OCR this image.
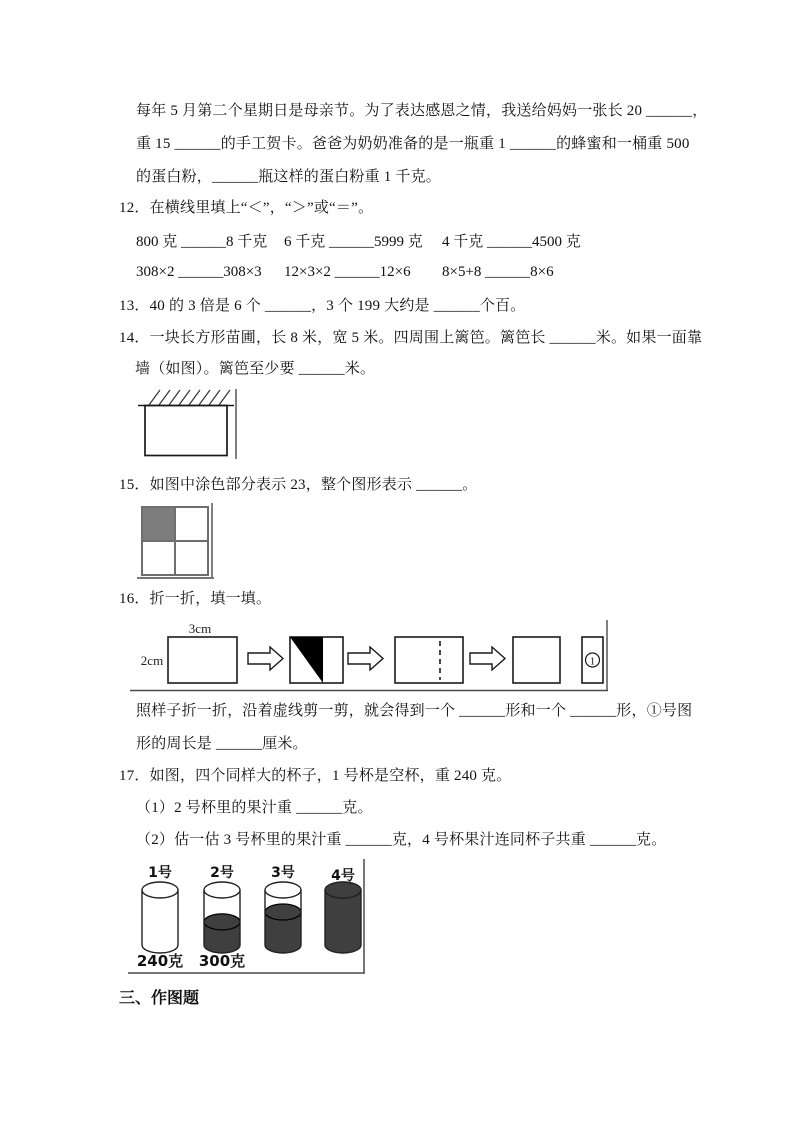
每年 5 月第二个星期日是母亲节。为了表达感恩之情，我送给妈妈一张长 20 ______，
重 15 ______的手工贺卡。爸爸为奶奶准备的是一瓶重 1 ______的蜂蜜和一桶重 500
的蛋白粉，______瓶这样的蛋白粉重 1 千克。
12．在横线里填上“＜”，“＞”或“＝”。
800 克 ______8 千克 6 千克 ______5999 克 4 千克 ______4500 克
308×2 ______308×3 12×3×2 ______12×6 8×5+8 ______8×6
13．40 的 3 倍是 6 个 ______，3 个 199 大约是 ______个百。
14．一块长方形苗圃，长 8 米，宽 5 米。四周围上篱笆。篱笆长 ______米。如果一面靠
墙（如图）。篱笆至少要 ______米。
15．如图中涂色部分表示 23，整个图形表示 ______。
16．折一折，填一填。
3cm
2cm	1
照样子折一折，沿着虚线剪一剪，就会得到一个 ______形和一个 ______形，①号图
形的周长是 ______厘米。
17．如图，四个同样大的杯子，1 号杯是空杯，重 240 克。
（1）2 号杯里的果汁重 ______克。
（2）估一估 3 号杯里的果汁重 ______克，4 号杯果汁连同杯子共重 ______克。
1号
240克
2号
300克
3号	4号
三、作图题
